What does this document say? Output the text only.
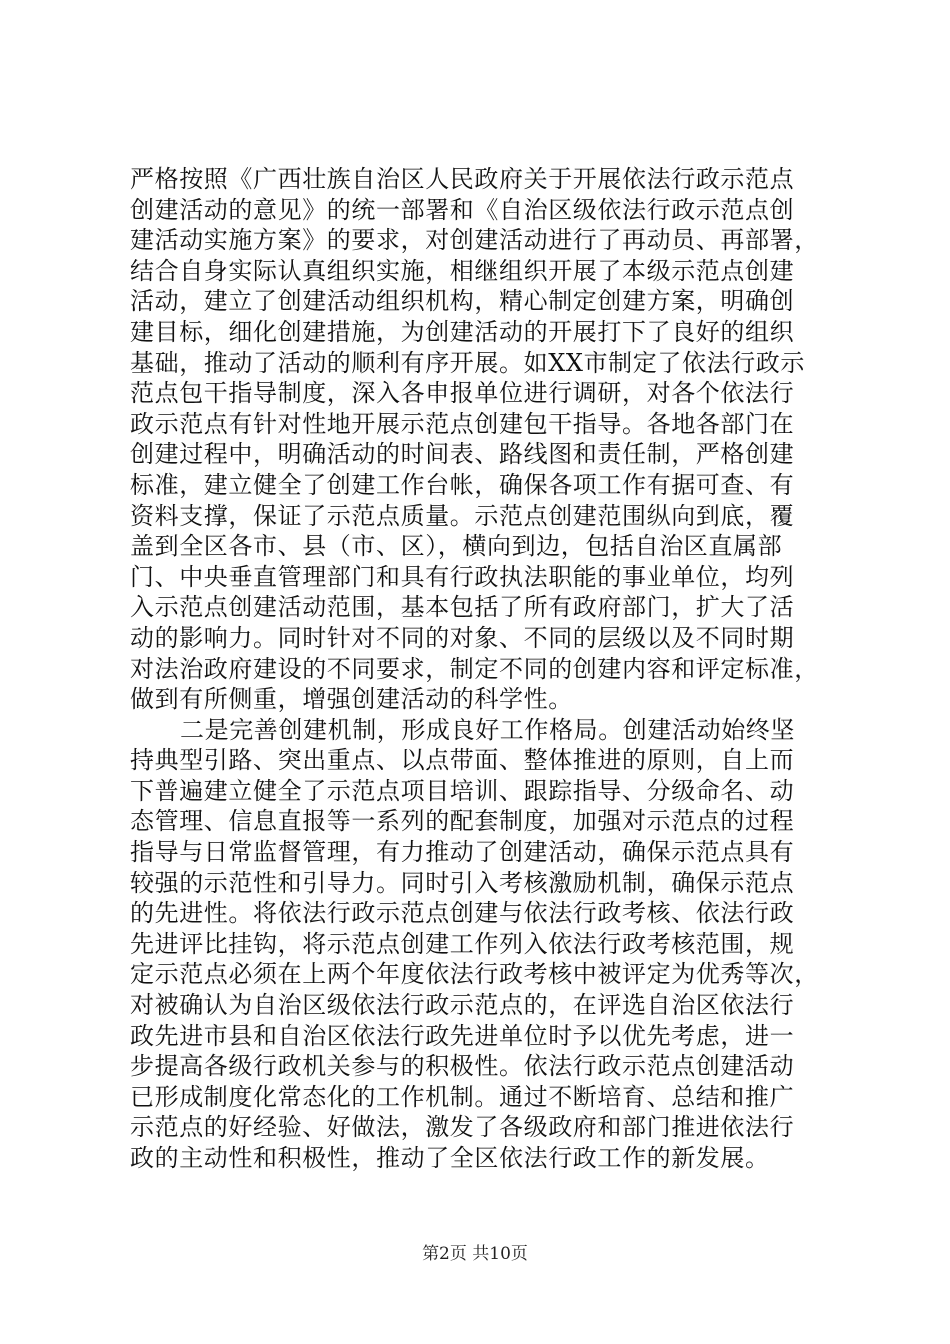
严格按照《广西壮族自治区人民政府关于开展依法行政示范点
创建活动的意见》的统一部署和《自治区级依法行政示范点创
建活动实施方案》的要求，对创建活动进行了再动员、再部署，
结合自身实际认真组织实施，相继组织开展了本级示范点创建
活动，建立了创建活动组织机构，精心制定创建方案，明确创
建目标，细化创建措施，为创建活动的开展打下了良好的组织
基础，推动了活动的顺利有序开展。如XX市制定了依法行政示
范点包干指导制度，深入各申报单位进行调研，对各个依法行
政示范点有针对性地开展示范点创建包干指导。各地各部门在
创建过程中，明确活动的时间表、路线图和责任制，严格创建
标准，建立健全了创建工作台帐，确保各项工作有据可查、有
资料支撑，保证了示范点质量。示范点创建范围纵向到底，覆
盖到全区各市、县（市、区），横向到边，包括自治区直属部
门、中央垂直管理部门和具有行政执法职能的事业单位，均列
入示范点创建活动范围，基本包括了所有政府部门，扩大了活
动的影响力。同时针对不同的对象、不同的层级以及不同时期
对法治政府建设的不同要求，制定不同的创建内容和评定标准，
做到有所侧重，增强创建活动的科学性。
二是完善创建机制，形成良好工作格局。创建活动始终坚
持典型引路、突出重点、以点带面、整体推进的原则，自上而
下普遍建立健全了示范点项目培训、跟踪指导、分级命名、动
态管理、信息直报等一系列的配套制度，加强对示范点的过程
指导与日常监督管理，有力推动了创建活动，确保示范点具有
较强的示范性和引导力。同时引入考核激励机制，确保示范点
的先进性。将依法行政示范点创建与依法行政考核、依法行政
先进评比挂钩，将示范点创建工作列入依法行政考核范围，规
定示范点必须在上两个年度依法行政考核中被评定为优秀等次，
对被确认为自治区级依法行政示范点的，在评选自治区依法行
政先进市县和自治区依法行政先进单位时予以优先考虑，进一
步提高各级行政机关参与的积极性。依法行政示范点创建活动
已形成制度化常态化的工作机制。通过不断培育、总结和推广
示范点的好经验、好做法，激发了各级政府和部门推进依法行
政的主动性和积极性，推动了全区依法行政工作的新发展。
第2页 共10页
